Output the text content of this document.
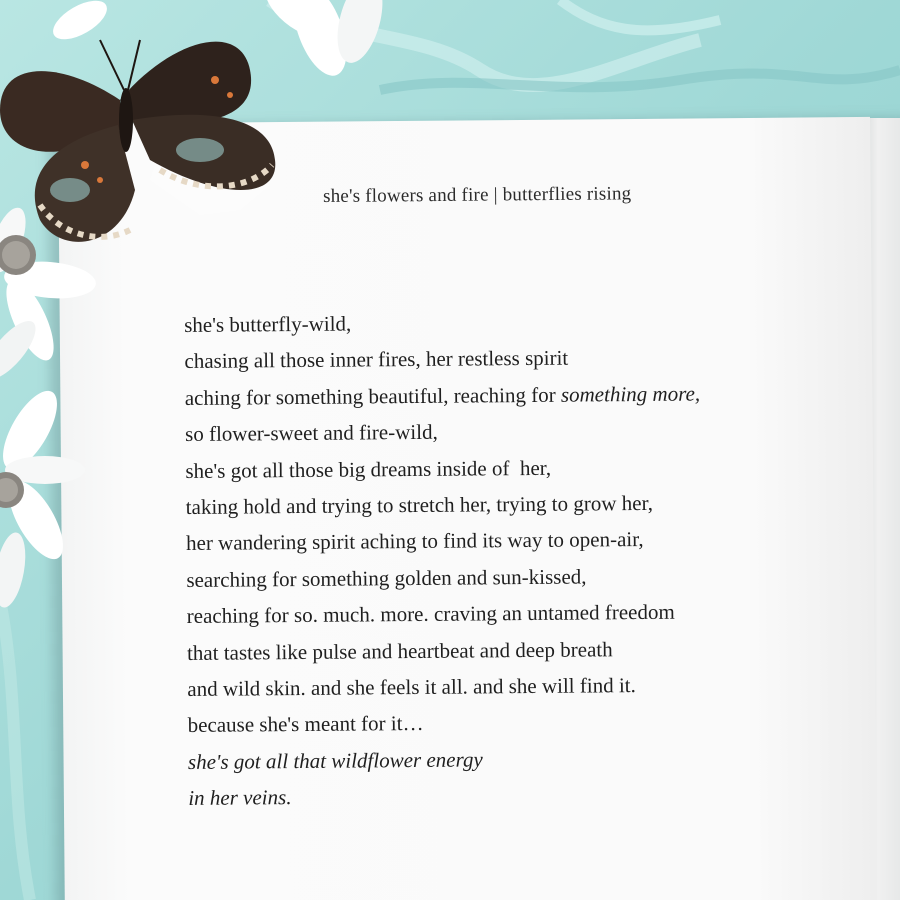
she's flowers and fire | butterflies rising
she's butterfly-wild,
chasing all those inner fires, her restless spirit
aching for something beautiful, reaching for something more,
so flower-sweet and fire-wild,
she's got all those big dreams inside of  her,
taking hold and trying to stretch her, trying to grow her,
her wandering spirit aching to find its way to open-air,
searching for something golden and sun-kissed,
reaching for so. much. more. craving an untamed freedom
that tastes like pulse and heartbeat and deep breath
and wild skin. and she feels it all. and she will find it.
because she's meant for it…
she's got all that wildflower energy
in her veins.
